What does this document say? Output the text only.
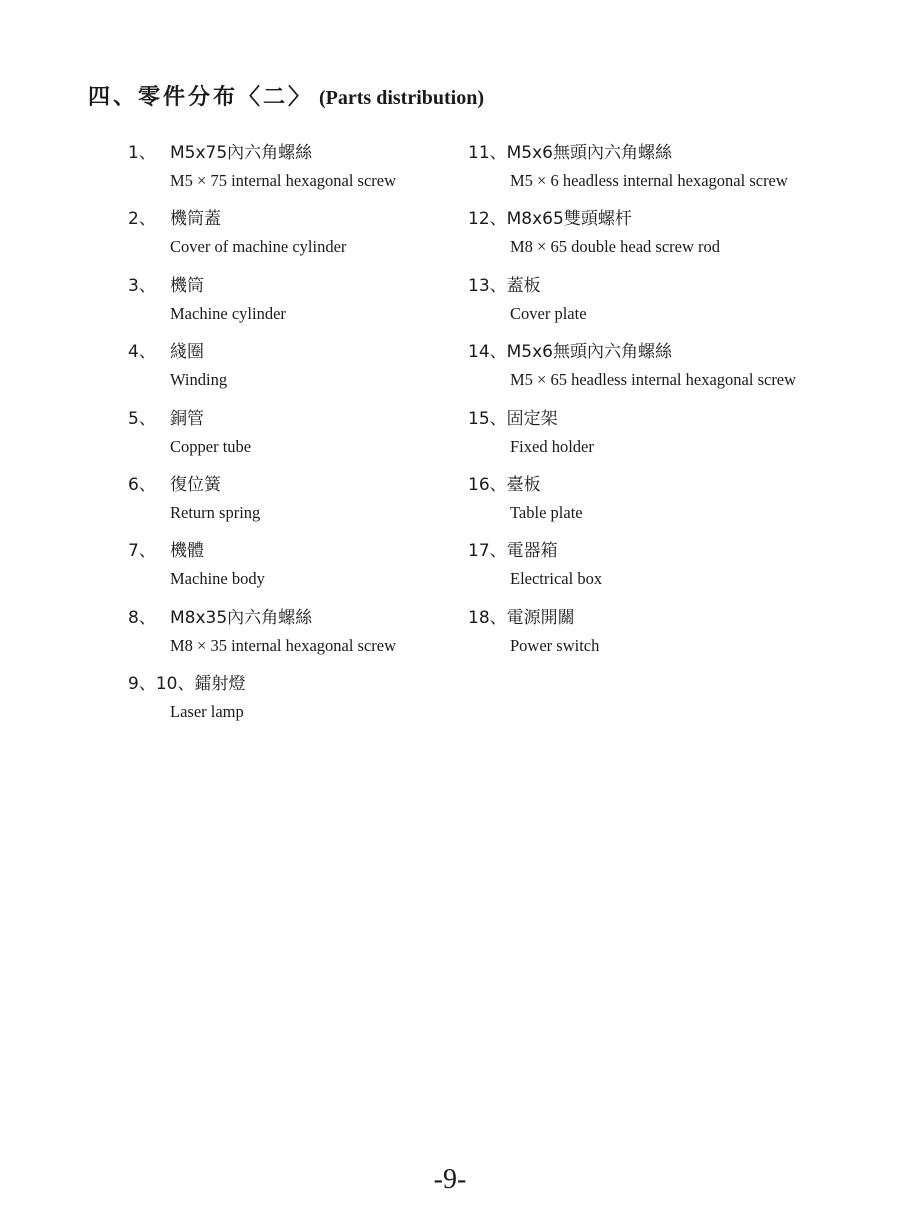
四、零件分布〈二〉 (Parts distribution)
1、 M5x75內六角螺絲
M5 × 75 internal hexagonal screw
2、 機筒蓋
Cover of machine cylinder
3、 機筒
Machine cylinder
4、 綫圈
Winding
5、 銅管
Copper tube
6、 復位簧
Return spring
7、 機體
Machine body
8、 M8x35內六角螺絲
M8 × 35 internal hexagonal screw
9、10、 鐳射燈
Laser lamp
11、 M5x6無頭內六角螺絲
M5 × 6 headless internal hexagonal screw
12、 M8x65雙頭螺杆
M8 × 65 double head screw rod
13、 蓋板
Cover plate
14、 M5x6無頭內六角螺絲
M5 × 65 headless internal hexagonal screw
15、 固定架
Fixed holder
16、 臺板
Table plate
17、 電器箱
Electrical box
18、 電源開關
Power switch
-9-
